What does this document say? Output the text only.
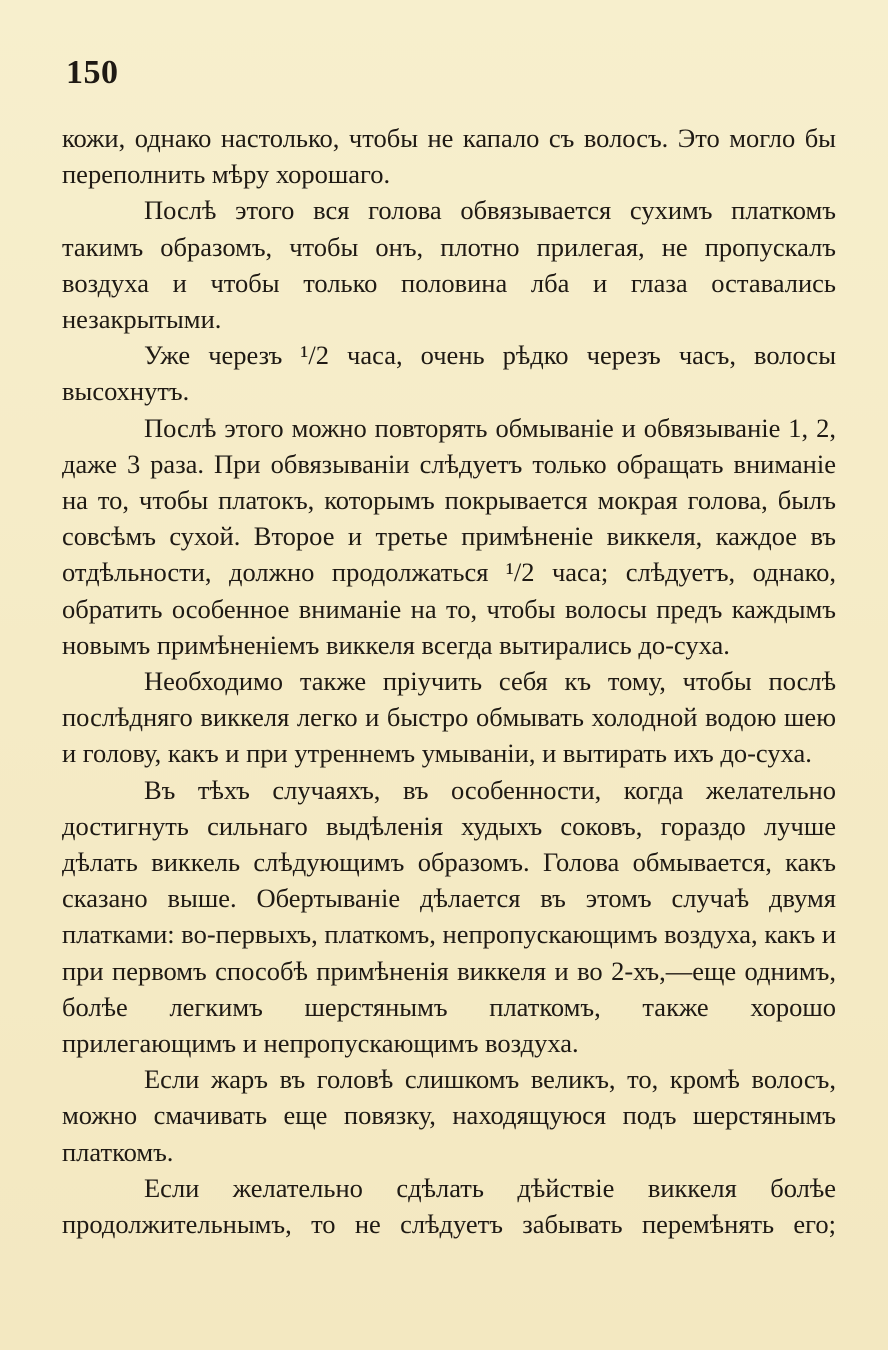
150

кожи, однако настолько, чтобы не капало съ волосъ. Это могло бы переполнить мѣру хорошаго.

Послѣ этого вся голова обвязывается сухимъ платкомъ такимъ образомъ, чтобы онъ, плотно прилегая, не пропускалъ воздуха и чтобы только половина лба и глаза оставались незакрытыми.

Уже черезъ ¹/2 часа, очень рѣдко черезъ часъ, волосы высохнутъ.

Послѣ этого можно повторять обмываніе и обвязываніе 1, 2, даже 3 раза. При обвязываніи слѣдуетъ только обращать вниманіе на то, чтобы платокъ, которымъ покрывается мокрая голова, былъ совсѣмъ сухой. Второе и третье примѣненіе виккеля, каждое въ отдѣльности, должно продолжаться ¹/2 часа; слѣдуетъ, однако, обратить особенное вниманіе на то, чтобы волосы предъ каждымъ новымъ примѣненіемъ виккеля всегда вытирались до-суха.

Необходимо также пріучить себя къ тому, чтобы послѣ послѣдняго виккеля легко и быстро обмывать холодной водою шею и голову, какъ и при утреннемъ умываніи, и вытирать ихъ до-суха.

Въ тѣхъ случаяхъ, въ особенности, когда желательно достигнуть сильнаго выдѣленія худыхъ соковъ, гораздо лучше дѣлать виккель слѣдующимъ образомъ. Голова обмывается, какъ сказано выше. Обертываніе дѣлается въ этомъ случаѣ двумя платками: во-первыхъ, платкомъ, непропускающимъ воздуха, какъ и при первомъ способѣ примѣненія виккеля и во 2-хъ,—еще однимъ, болѣе легкимъ шерстянымъ платкомъ, также хорошо прилегающимъ и непропускающимъ воздуха.

Если жаръ въ головѣ слишкомъ великъ, то, кромѣ волосъ, можно смачивать еще повязку, находящуюся подъ шерстянымъ платкомъ.

Если желательно сдѣлать дѣйствіе виккеля болѣе продолжительнымъ, то не слѣдуетъ забывать перемѣнять его;
